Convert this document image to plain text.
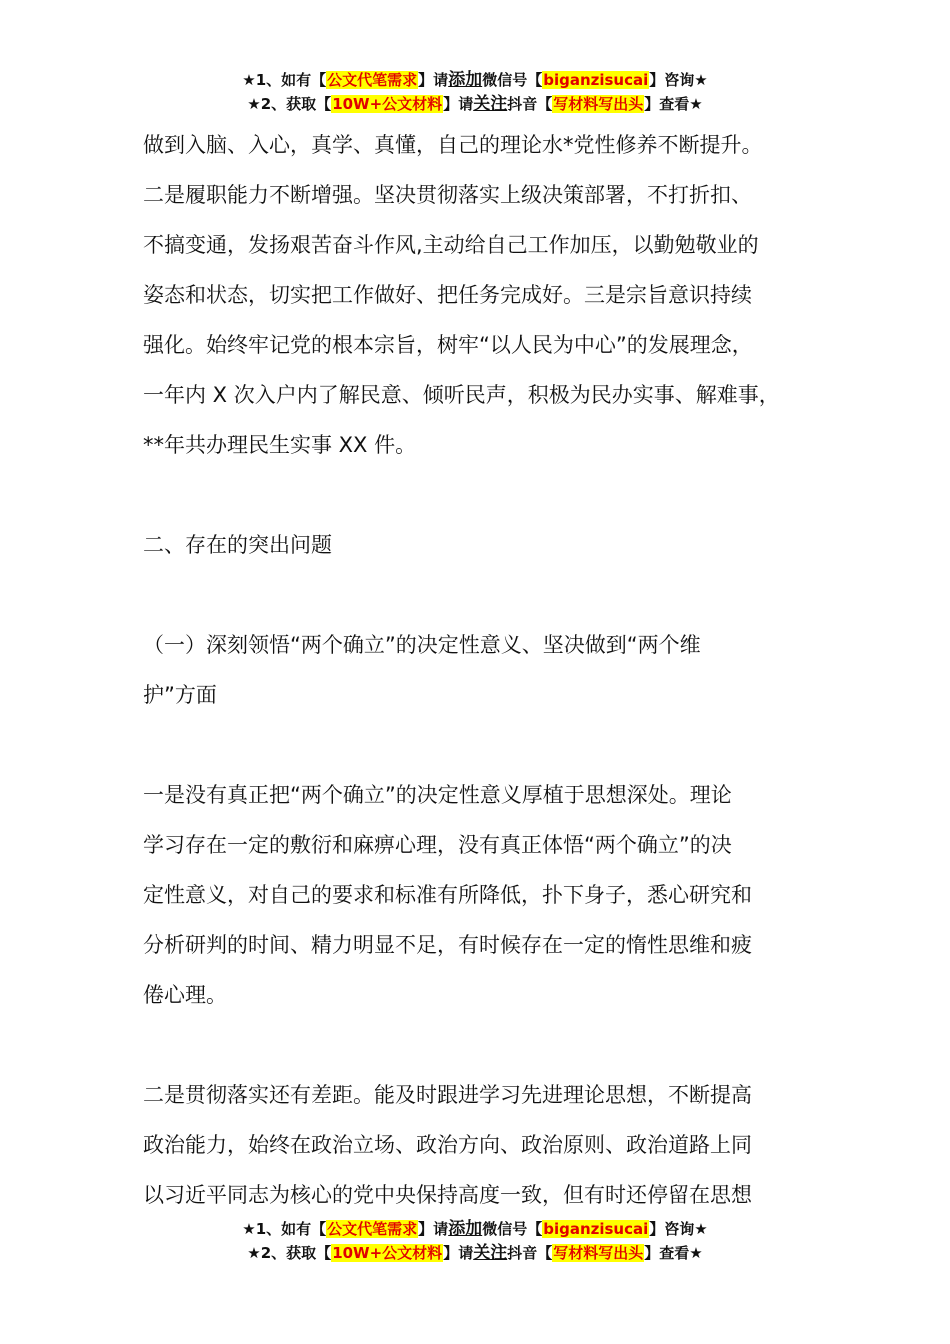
★1、如有【公文代笔需求】请添加微信号【biganzisucai】咨询★
★2、获取【10W+公文材料】请关注抖音【写材料写出头】查看★

做到入脑、入心，真学、真懂，自己的理论水*党性修养不断提升。

二是履职能力不断增强。坚决贯彻落实上级决策部署，不打折扣、

不搞变通，发扬艰苦奋斗作风,主动给自己工作加压，以勤勉敬业的

姿态和状态，切实把工作做好、把任务完成好。三是宗旨意识持续

强化。始终牢记党的根本宗旨，树牢“以人民为中心”的发展理念，

一年内 X 次入户内了解民意、倾听民声，积极为民办实事、解难事，

**年共办理民生实事 XX 件。

二、存在的突出问题

（一）深刻领悟“两个确立”的决定性意义、坚决做到“两个维

护”方面

一是没有真正把“两个确立”的决定性意义厚植于思想深处。理论

学习存在一定的敷衍和麻痹心理，没有真正体悟“两个确立”的决

定性意义，对自己的要求和标准有所降低，扑下身子，悉心研究和

分析研判的时间、精力明显不足，有时候存在一定的惰性思维和疲

倦心理。

二是贯彻落实还有差距。能及时跟进学习先进理论思想，不断提高

政治能力，始终在政治立场、政治方向、政治原则、政治道路上同

以习近平同志为核心的党中央保持高度一致，但有时还停留在思想

★1、如有【公文代笔需求】请添加微信号【biganzisucai】咨询★
★2、获取【10W+公文材料】请关注抖音【写材料写出头】查看★
